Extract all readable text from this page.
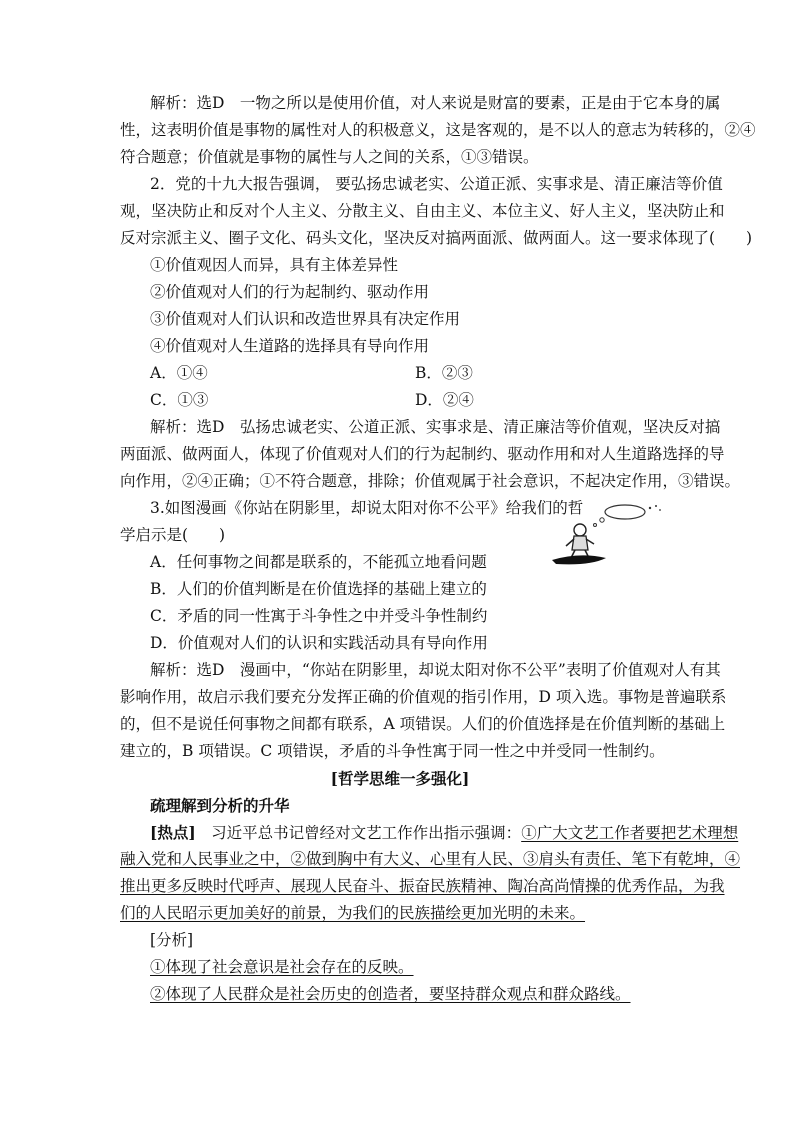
解析：选D　一物之所以是使用价值，对人来说是财富的要素，正是由于它本身的属
性，这表明价值是事物的属性对人的积极意义，这是客观的，是不以人的意志为转移的，②④
符合题意；价值就是事物的属性与人之间的关系，①③错误。
2．党的十九大报告强调， 要弘扬忠诚老实、公道正派、实事求是、清正廉洁等价值
观，坚决防止和反对个人主义、分散主义、自由主义、本位主义、好人主义，坚决防止和
反对宗派主义、圈子文化、码头文化，坚决反对搞两面派、做两面人。这一要求体现了(　　)
①价值观因人而异，具有主体差异性
②价值观对人们的行为起制约、驱动作用
③价值观对人们认识和改造世界具有决定作用
④价值观对人生道路的选择具有导向作用
A．①④	B．②③
C．①③	D．②④
解析：选D　弘扬忠诚老实、公道正派、实事求是、清正廉洁等价值观，坚决反对搞
两面派、做两面人，体现了价值观对人们的行为起制约、驱动作用和对人生道路选择的导
向作用，②④正确；①不符合题意，排除；价值观属于社会意识，不起决定作用，③错误。
3.如图漫画《你站在阴影里，却说太阳对你不公平》给我们的哲
学启示是(　　)
A．任何事物之间都是联系的，不能孤立地看问题
B．人们的价值判断是在价值选择的基础上建立的
C．矛盾的同一性寓于斗争性之中并受斗争性制约
D．价值观对人们的认识和实践活动具有导向作用
解析：选D　漫画中，“你站在阴影里，却说太阳对你不公平”表明了价值观对人有其
影响作用，故启示我们要充分发挥正确的价值观的指引作用，D 项入选。事物是普遍联系
的，但不是说任何事物之间都有联系，A 项错误。人们的价值选择是在价值判断的基础上
建立的，B 项错误。C 项错误，矛盾的斗争性寓于同一性之中并受同一性制约。
[哲学思维一多强化]
疏理解到分析的升华
[热点]　习近平总书记曾经对文艺工作作出指示强调：①广大文艺工作者要把艺术理想
融入党和人民事业之中，②做到胸中有大义、心里有人民、③肩头有责任、笔下有乾坤，④
推出更多反映时代呼声、展现人民奋斗、振奋民族精神、陶冶高尚情操的优秀作品，为我
们的人民昭示更加美好的前景，为我们的民族描绘更加光明的未来。
[分析]
①体现了社会意识是社会存在的反映。
②体现了人民群众是社会历史的创造者，要坚持群众观点和群众路线。
